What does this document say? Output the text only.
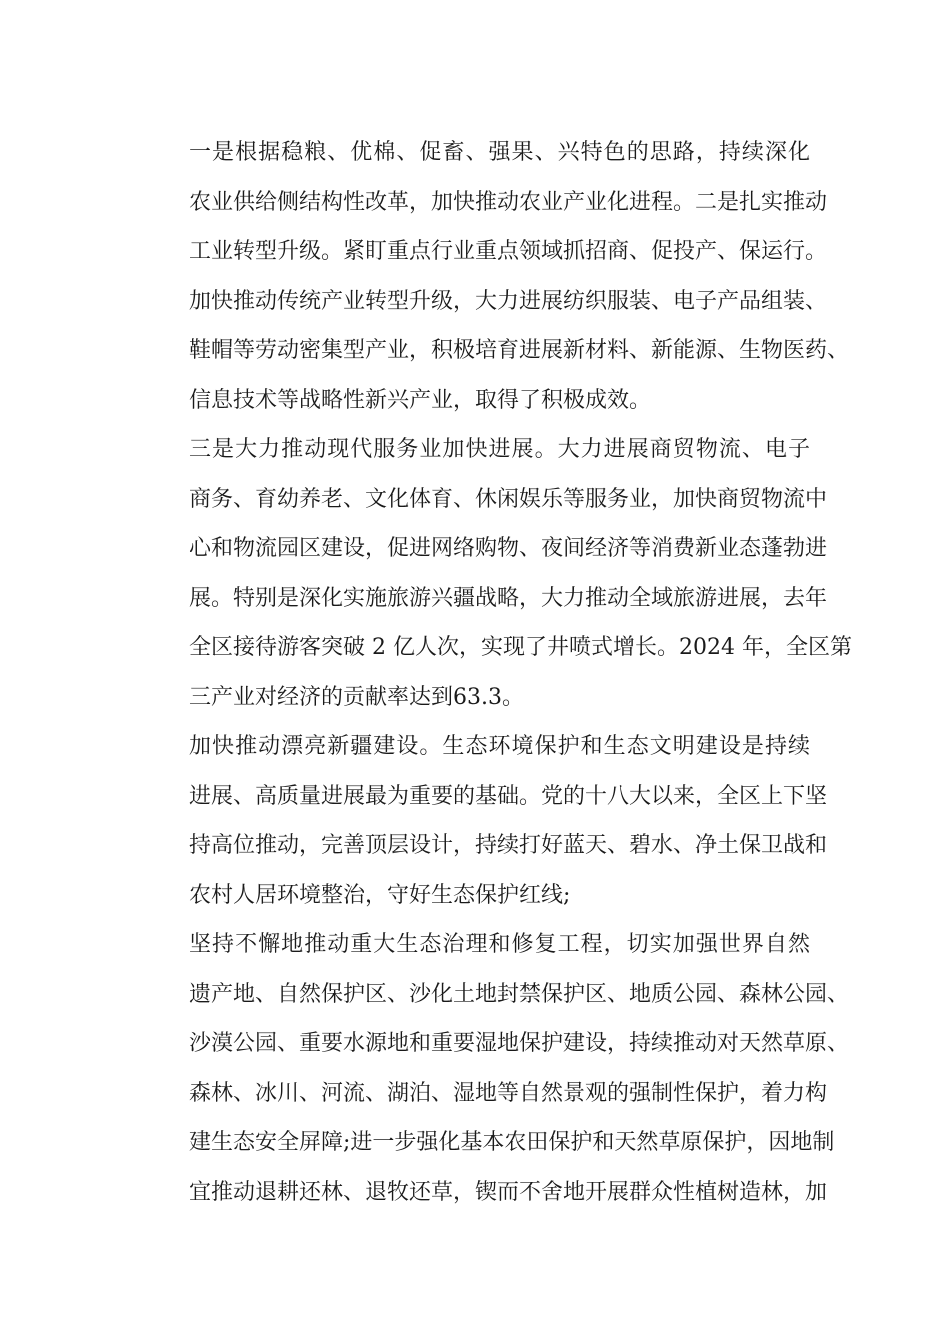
一是根据稳粮、优棉、促畜、强果、兴特色的思路，持续深化
农业供给侧结构性改革，加快推动农业产业化进程。二是扎实推动
工业转型升级。紧盯重点行业重点领域抓招商、促投产、保运行。
加快推动传统产业转型升级，大力进展纺织服装、电子产品组装、
鞋帽等劳动密集型产业，积极培育进展新材料、新能源、生物医药、
信息技术等战略性新兴产业，取得了积极成效。

三是大力推动现代服务业加快进展。大力进展商贸物流、电子
商务、育幼养老、文化体育、休闲娱乐等服务业，加快商贸物流中
心和物流园区建设，促进网络购物、夜间经济等消费新业态蓬勃进
展。特别是深化实施旅游兴疆战略，大力推动全域旅游进展，去年
全区接待游客突破 2 亿人次，实现了井喷式增长。2024 年，全区第
三产业对经济的贡献率达到63.3。

加快推动漂亮新疆建设。生态环境保护和生态文明建设是持续
进展、高质量进展最为重要的基础。党的十八大以来，全区上下坚
持高位推动，完善顶层设计，持续打好蓝天、碧水、净土保卫战和
农村人居环境整治，守好生态保护红线;

坚持不懈地推动重大生态治理和修复工程，切实加强世界自然
遗产地、自然保护区、沙化土地封禁保护区、地质公园、森林公园、
沙漠公园、重要水源地和重要湿地保护建设，持续推动对天然草原、
森林、冰川、河流、湖泊、湿地等自然景观的强制性保护，着力构
建生态安全屏障;进一步强化基本农田保护和天然草原保护，因地制
宜推动退耕还林、退牧还草，锲而不舍地开展群众性植树造林，加
